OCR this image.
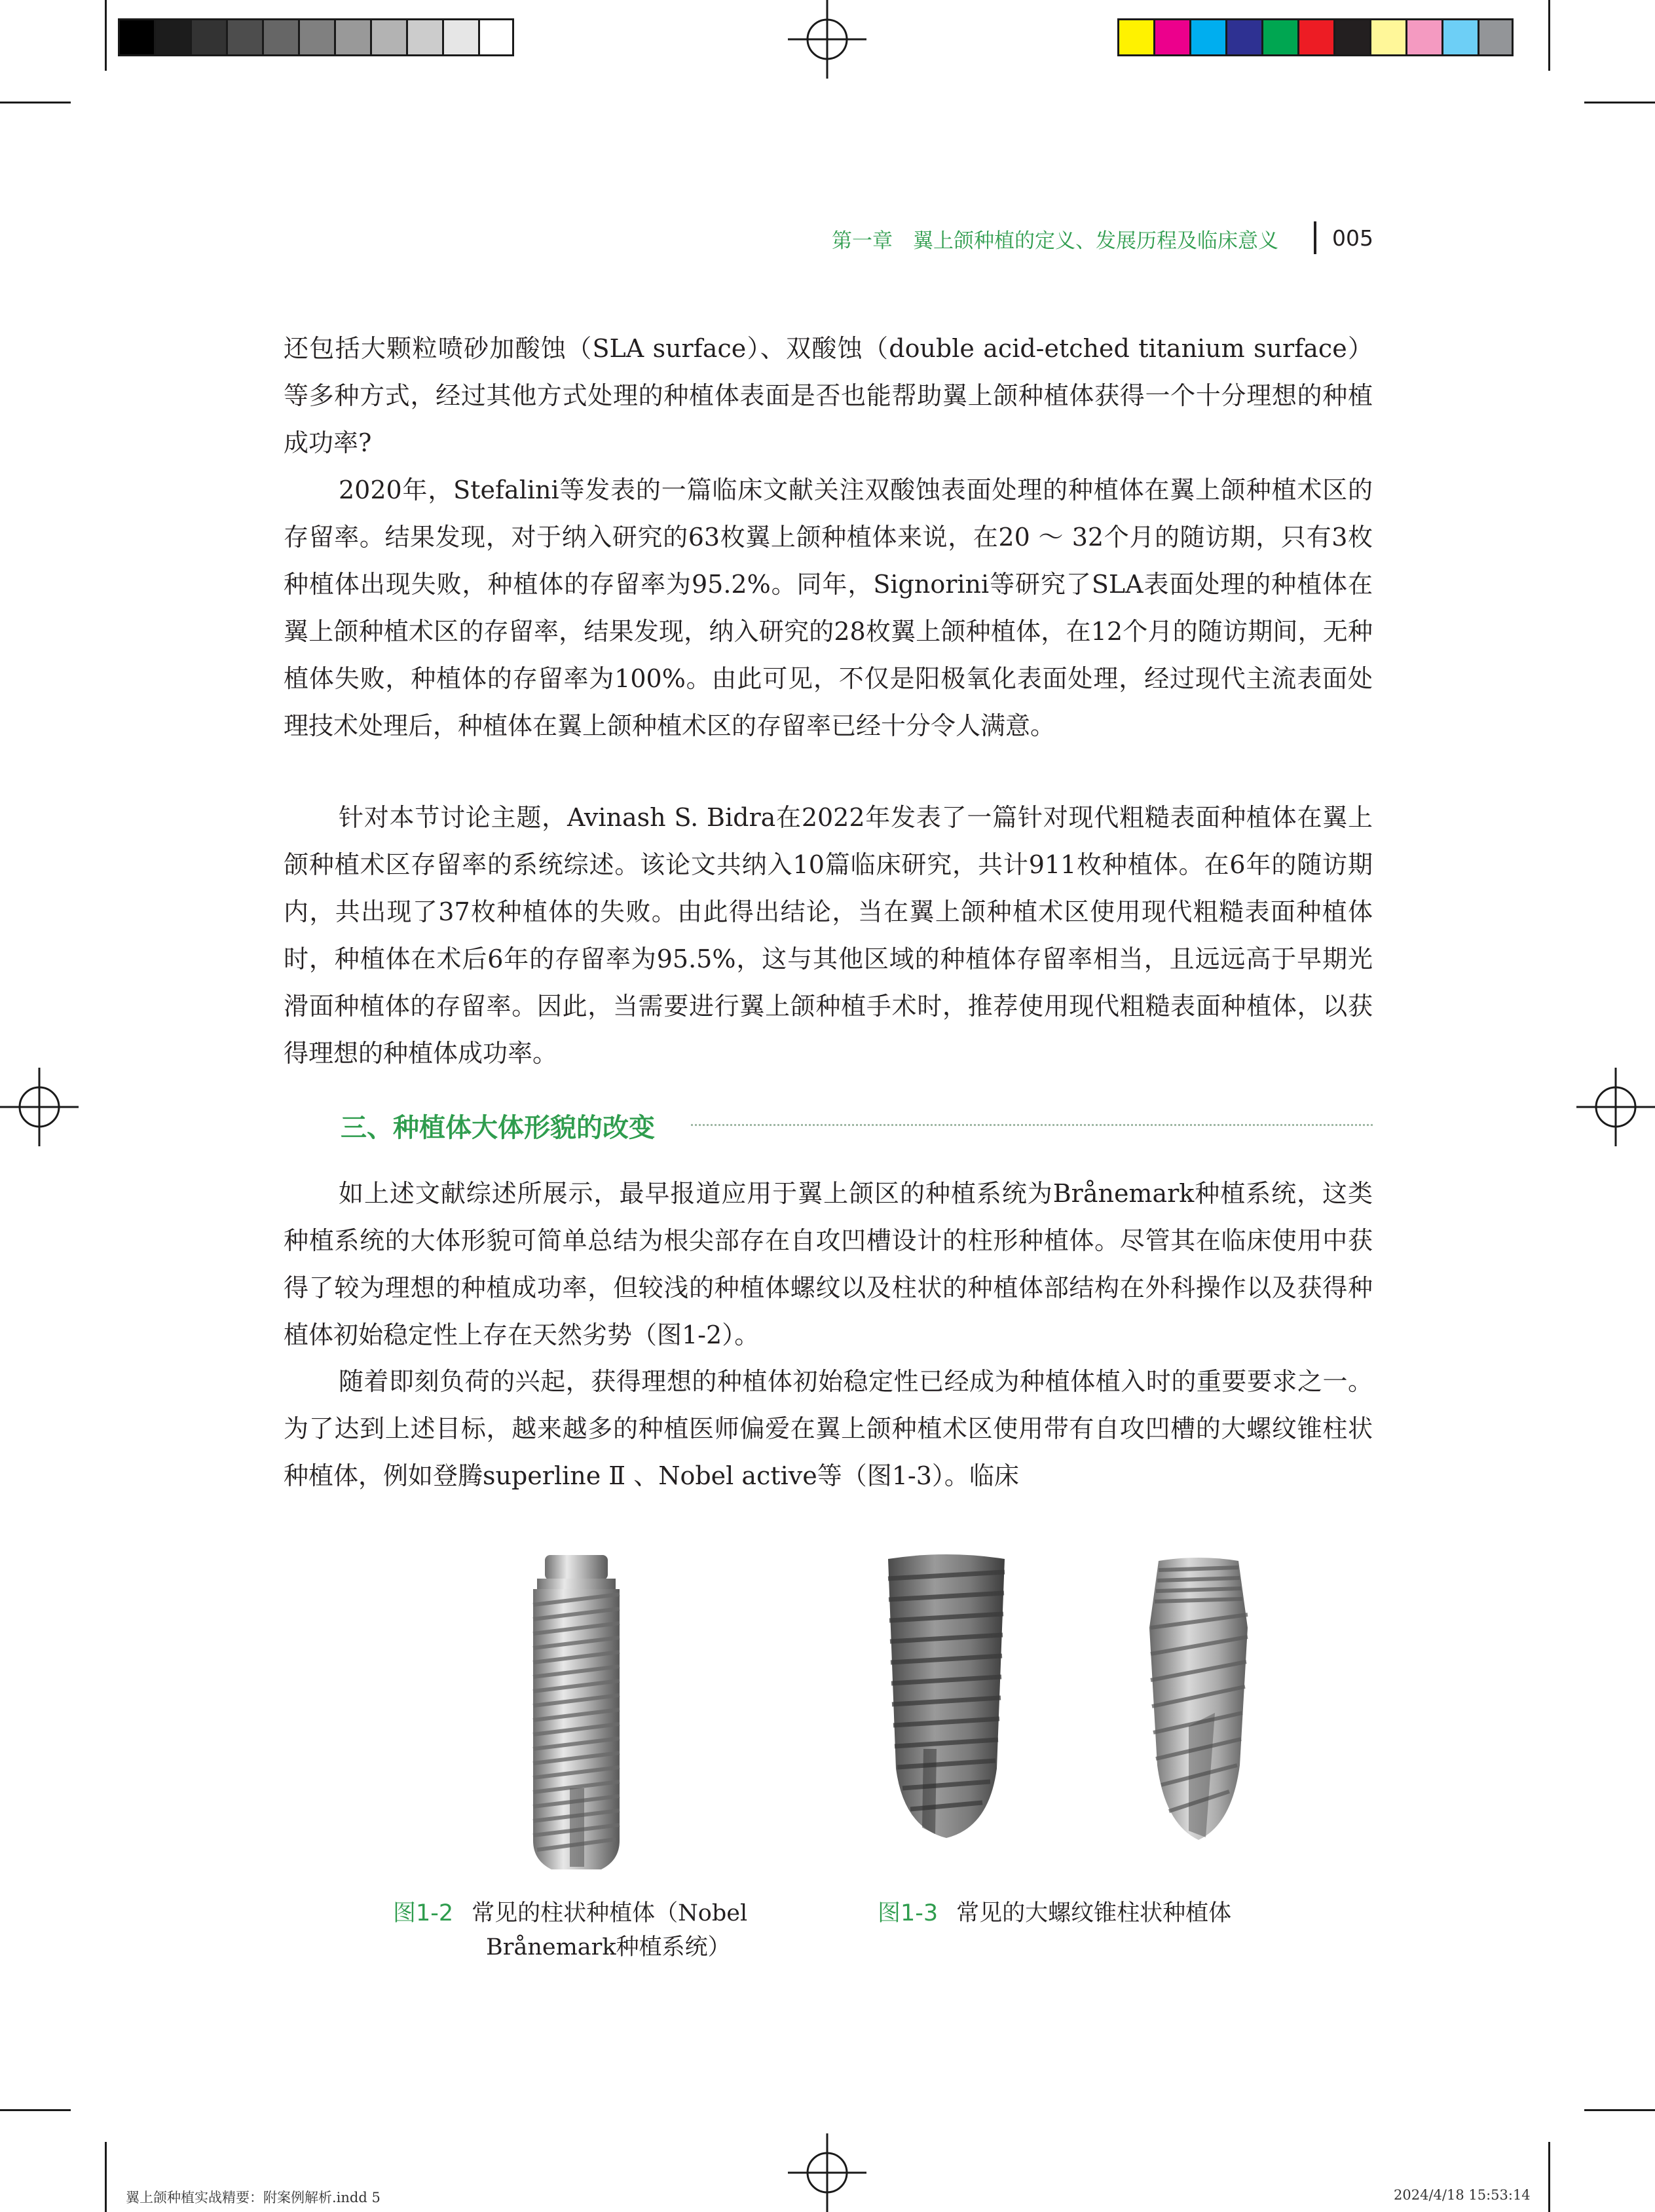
第一章　翼上颌种植的定义、发展历程及临床意义 005

还包括大颗粒喷砂加酸蚀（SLA surface）、双酸蚀（double acid-etched titanium surface）等多种方式，经过其他方式处理的种植体表面是否也能帮助翼上颌种植体获得一个十分理想的种植成功率?

2020年，Stefalini等发表的一篇临床文献关注双酸蚀表面处理的种植体在翼上颌种植术区的存留率。结果发现，对于纳入研究的63枚翼上颌种植体来说，在20 ～ 32个月的随访期，只有3枚种植体出现失败，种植体的存留率为95.2%。同年，Signorini等研究了SLA表面处理的种植体在翼上颌种植术区的存留率，结果发现，纳入研究的28枚翼上颌种植体，在12个月的随访期间，无种植体失败，种植体的存留率为100%。由此可见，不仅是阳极氧化表面处理，经过现代主流表面处理技术处理后，种植体在翼上颌种植术区的存留率已经十分令人满意。

针对本节讨论主题，Avinash S. Bidra在2022年发表了一篇针对现代粗糙表面种植体在翼上颌种植术区存留率的系统综述。该论文共纳入10篇临床研究，共计911枚种植体。在6年的随访期内，共出现了37枚种植体的失败。由此得出结论，当在翼上颌种植术区使用现代粗糙表面种植体时，种植体在术后6年的存留率为95.5%，这与其他区域的种植体存留率相当，且远远高于早期光滑面种植体的存留率。因此，当需要进行翼上颌种植手术时，推荐使用现代粗糙表面种植体，以获得理想的种植体成功率。

三、种植体大体形貌的改变

如上述文献综述所展示，最早报道应用于翼上颌区的种植系统为Brånemark种植系统，这类种植系统的大体形貌可简单总结为根尖部存在自攻凹槽设计的柱形种植体。尽管其在临床使用中获得了较为理想的种植成功率，但较浅的种植体螺纹以及柱状的种植体部结构在外科操作以及获得种植体初始稳定性上存在天然劣势（图1-2）。

随着即刻负荷的兴起，获得理想的种植体初始稳定性已经成为种植体植入时的重要要求之一。为了达到上述目标，越来越多的种植医师偏爱在翼上颌种植术区使用带有自攻凹槽的大螺纹锥柱状种植体，例如登腾superline Ⅱ 、Nobel active等（图1-3）。临床

图1-2 常见的柱状种植体（Nobel
Brånemark种植系统）
图1-3 常见的大螺纹锥柱状种植体
翼上颌种植实战精要：附案例解析.indd 5	2024/4/18 15:53:14
